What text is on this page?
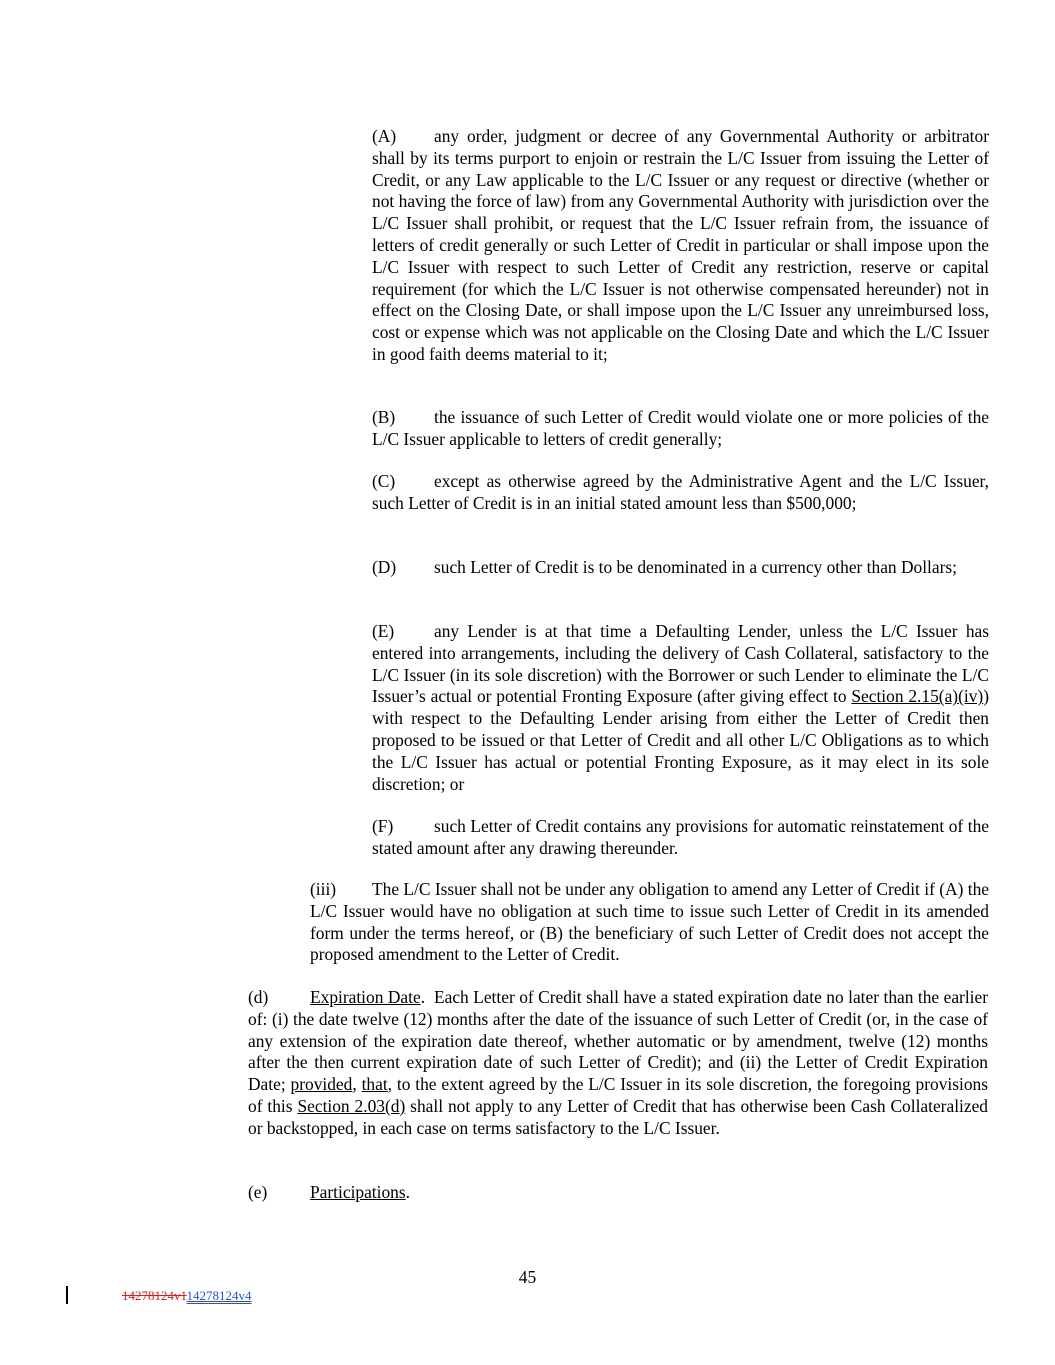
(A) any order, judgment or decree of any Governmental Authority or arbitrator shall by its terms purport to enjoin or restrain the L/C Issuer from issuing the Letter of Credit, or any Law applicable to the L/C Issuer or any request or directive (whether or not having the force of law) from any Governmental Authority with jurisdiction over the L/C Issuer shall prohibit, or request that the L/C Issuer refrain from, the issuance of letters of credit generally or such Letter of Credit in particular or shall impose upon the L/C Issuer with respect to such Letter of Credit any restriction, reserve or capital requirement (for which the L/C Issuer is not otherwise compensated hereunder) not in effect on the Closing Date, or shall impose upon the L/C Issuer any unreimbursed loss, cost or expense which was not applicable on the Closing Date and which the L/C Issuer in good faith deems material to it;

(B) the issuance of such Letter of Credit would violate one or more policies of the L/C Issuer applicable to letters of credit generally;

(C) except as otherwise agreed by the Administrative Agent and the L/C Issuer, such Letter of Credit is in an initial stated amount less than $500,000;

(D) such Letter of Credit is to be denominated in a currency other than Dollars;

(E) any Lender is at that time a Defaulting Lender, unless the L/C Issuer has entered into arrangements, including the delivery of Cash Collateral, satisfactory to the L/C Issuer (in its sole discretion) with the Borrower or such Lender to eliminate the L/C Issuer’s actual or potential Fronting Exposure (after giving effect to Section 2.15(a)(iv)) with respect to the Defaulting Lender arising from either the Letter of Credit then proposed to be issued or that Letter of Credit and all other L/C Obligations as to which the L/C Issuer has actual or potential Fronting Exposure, as it may elect in its sole discretion; or

(F) such Letter of Credit contains any provisions for automatic reinstatement of the stated amount after any drawing thereunder.

(iii) The L/C Issuer shall not be under any obligation to amend any Letter of Credit if (A) the L/C Issuer would have no obligation at such time to issue such Letter of Credit in its amended form under the terms hereof, or (B) the beneficiary of such Letter of Credit does not accept the proposed amendment to the Letter of Credit.

(d) Expiration Date. Each Letter of Credit shall have a stated expiration date no later than the earlier of: (i) the date twelve (12) months after the date of the issuance of such Letter of Credit (or, in the case of any extension of the expiration date thereof, whether automatic or by amendment, twelve (12) months after the then current expiration date of such Letter of Credit); and (ii) the Letter of Credit Expiration Date; provided, that, to the extent agreed by the L/C Issuer in its sole discretion, the foregoing provisions of this Section 2.03(d) shall not apply to any Letter of Credit that has otherwise been Cash Collateralized or backstopped, in each case on terms satisfactory to the L/C Issuer.

(e) Participations.

45
14278124v114278124v4
